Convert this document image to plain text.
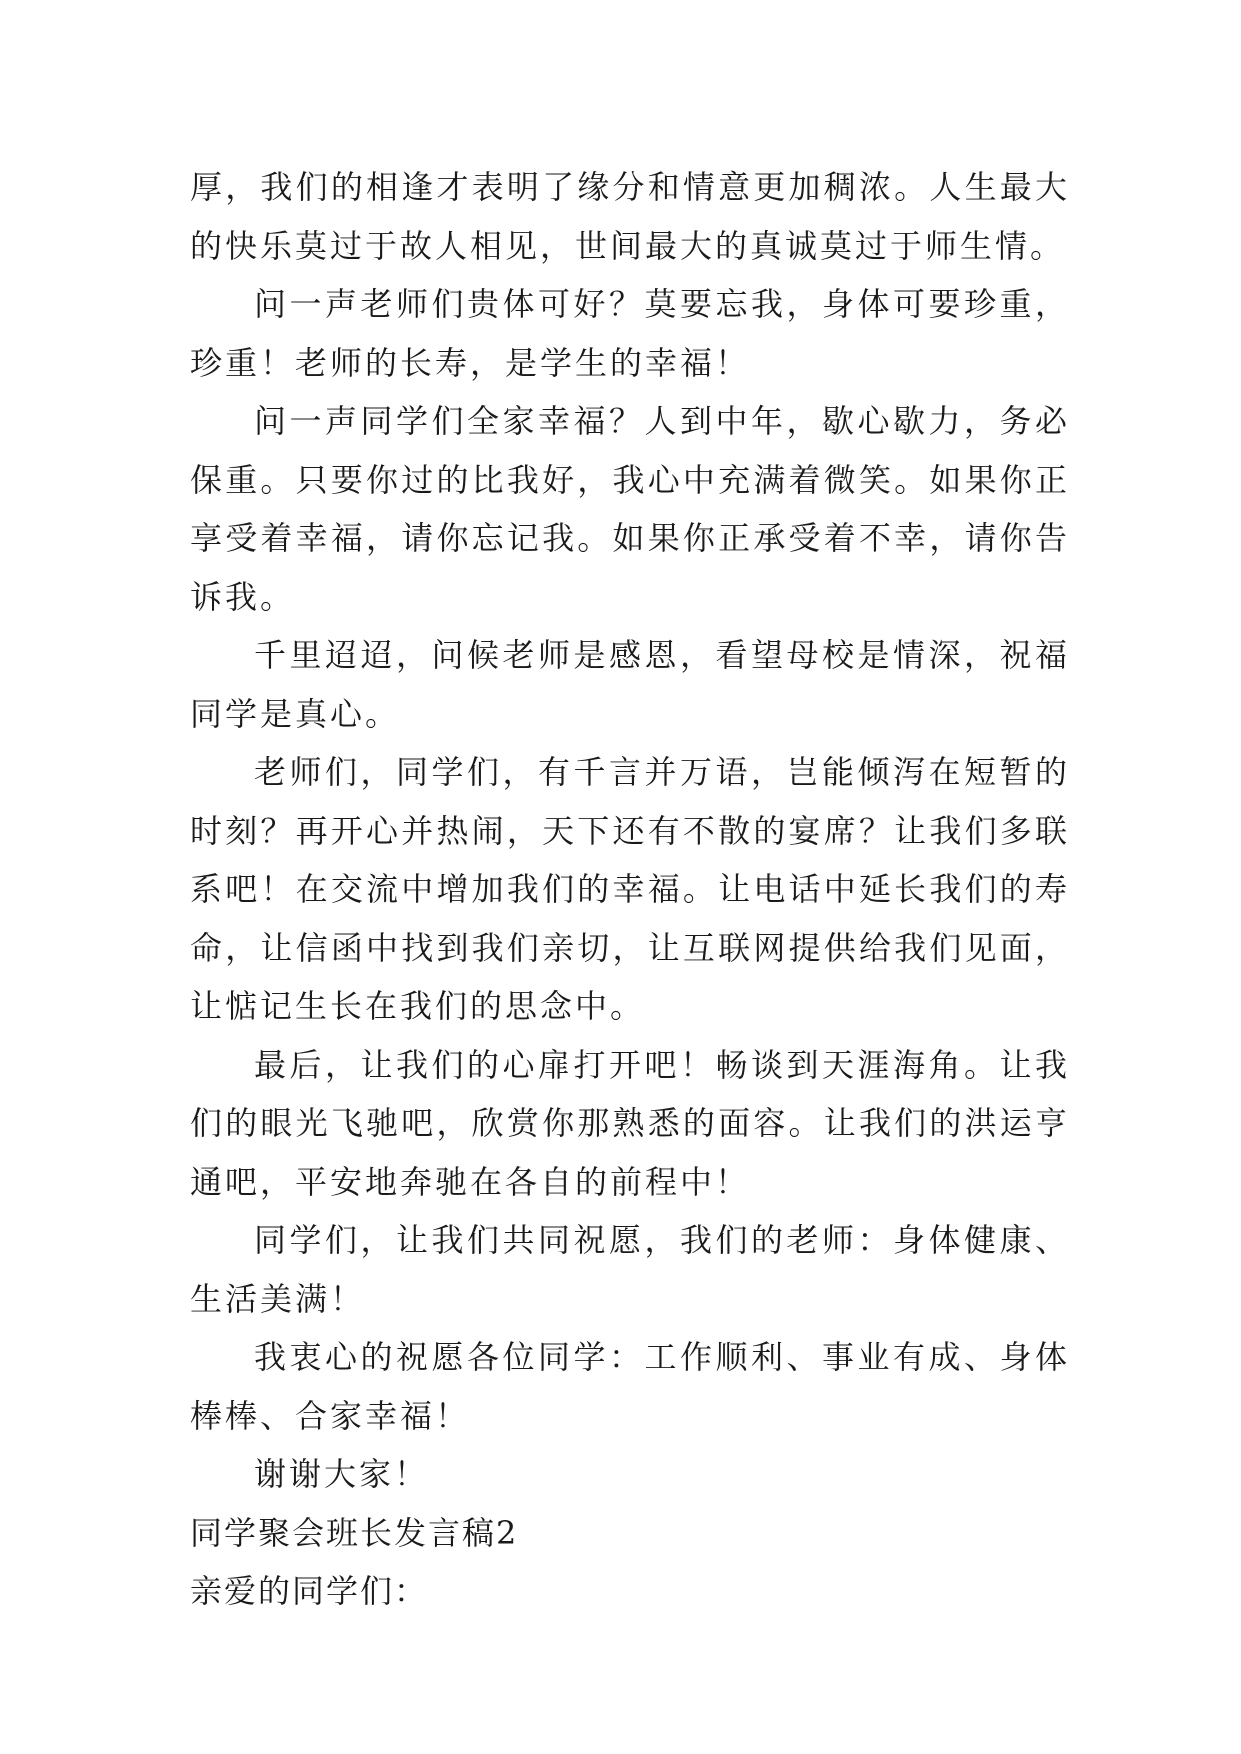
厚，我们的相逢才表明了缘分和情意更加稠浓。人生最大的快乐莫过于故人相见，世间最大的真诚莫过于师生情。

问一声老师们贵体可好？莫要忘我，身体可要珍重，珍重！老师的长寿，是学生的幸福！

问一声同学们全家幸福？人到中年，歇心歇力，务必保重。只要你过的比我好，我心中充满着微笑。如果你正享受着幸福，请你忘记我。如果你正承受着不幸，请你告诉我。

千里迢迢，问候老师是感恩，看望母校是情深，祝福同学是真心。

老师们，同学们，有千言并万语，岂能倾泻在短暂的时刻？再开心并热闹，天下还有不散的宴席？让我们多联系吧！在交流中增加我们的幸福。让电话中延长我们的寿命，让信函中找到我们亲切，让互联网提供给我们见面，让惦记生长在我们的思念中。

最后，让我们的心扉打开吧！畅谈到天涯海角。让我们的眼光飞驰吧，欣赏你那熟悉的面容。让我们的洪运亨通吧，平安地奔驰在各自的前程中！

同学们，让我们共同祝愿，我们的老师：身体健康、生活美满！

我衷心的祝愿各位同学：工作顺利、事业有成、身体棒棒、合家幸福！

谢谢大家！

同学聚会班长发言稿2

亲爱的同学们：
